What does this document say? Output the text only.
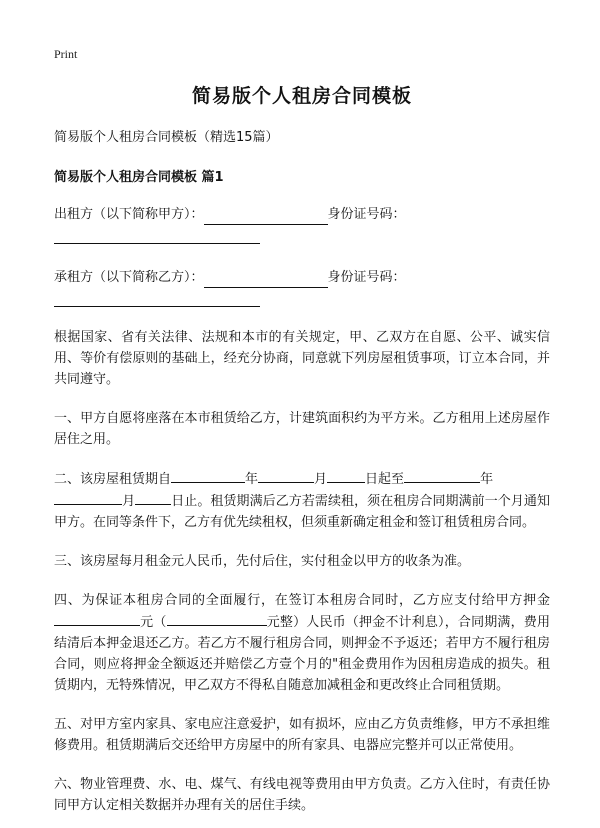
Print

简易版个人租房合同模板

简易版个人租房合同模板（精选15篇）

简易版个人租房合同模板 篇1

出租方（以下简称甲方）：	身份证号码：
承租方（以下简称乙方）：	身份证号码：

根据国家、省有关法律、法规和本市的有关规定，甲、乙双方在自愿、公平、诚实信用、等价有偿原则的基础上，经充分协商，同意就下列房屋租赁事项，订立本合同，并共同遵守。

一、甲方自愿将座落在本市租赁给乙方，计建筑面积约为平方米。乙方租用上述房屋作居住之用。

二、该房屋租赁期自	年	月	日起至	年
月	日止。租赁期满后乙方若需续租，须在租房合同期满前一个月通知甲方。在同等条件下，乙方有优先续租权，但须重新确定租金和签订租赁租房合同。

三、该房屋每月租金元人民币，先付后住，实付租金以甲方的收条为准。

四、为保证本租房合同的全面履行，在签订本租房合同时，乙方应支付给甲方押金元（	元整）人民币（押金不计利息），合同期满，费用结清后本押金退还乙方。若乙方不履行租房合同，则押金不予返还；若甲方不履行租房合同，则应将押金全额返还并赔偿乙方壹个月的"租金费用作为因租房造成的损失。租赁期内，无特殊情况，甲乙双方不得私自随意加减租金和更改终止合同租赁期。

五、对甲方室内家具、家电应注意爱护，如有损坏，应由乙方负责维修，甲方不承担维修费用。租赁期满后交还给甲方房屋中的所有家具、电器应完整并可以正常使用。

六、物业管理费、水、电、煤气、有线电视等费用由甲方负责。乙方入住时，有责任协同甲方认定相关数据并办理有关的居住手续。
